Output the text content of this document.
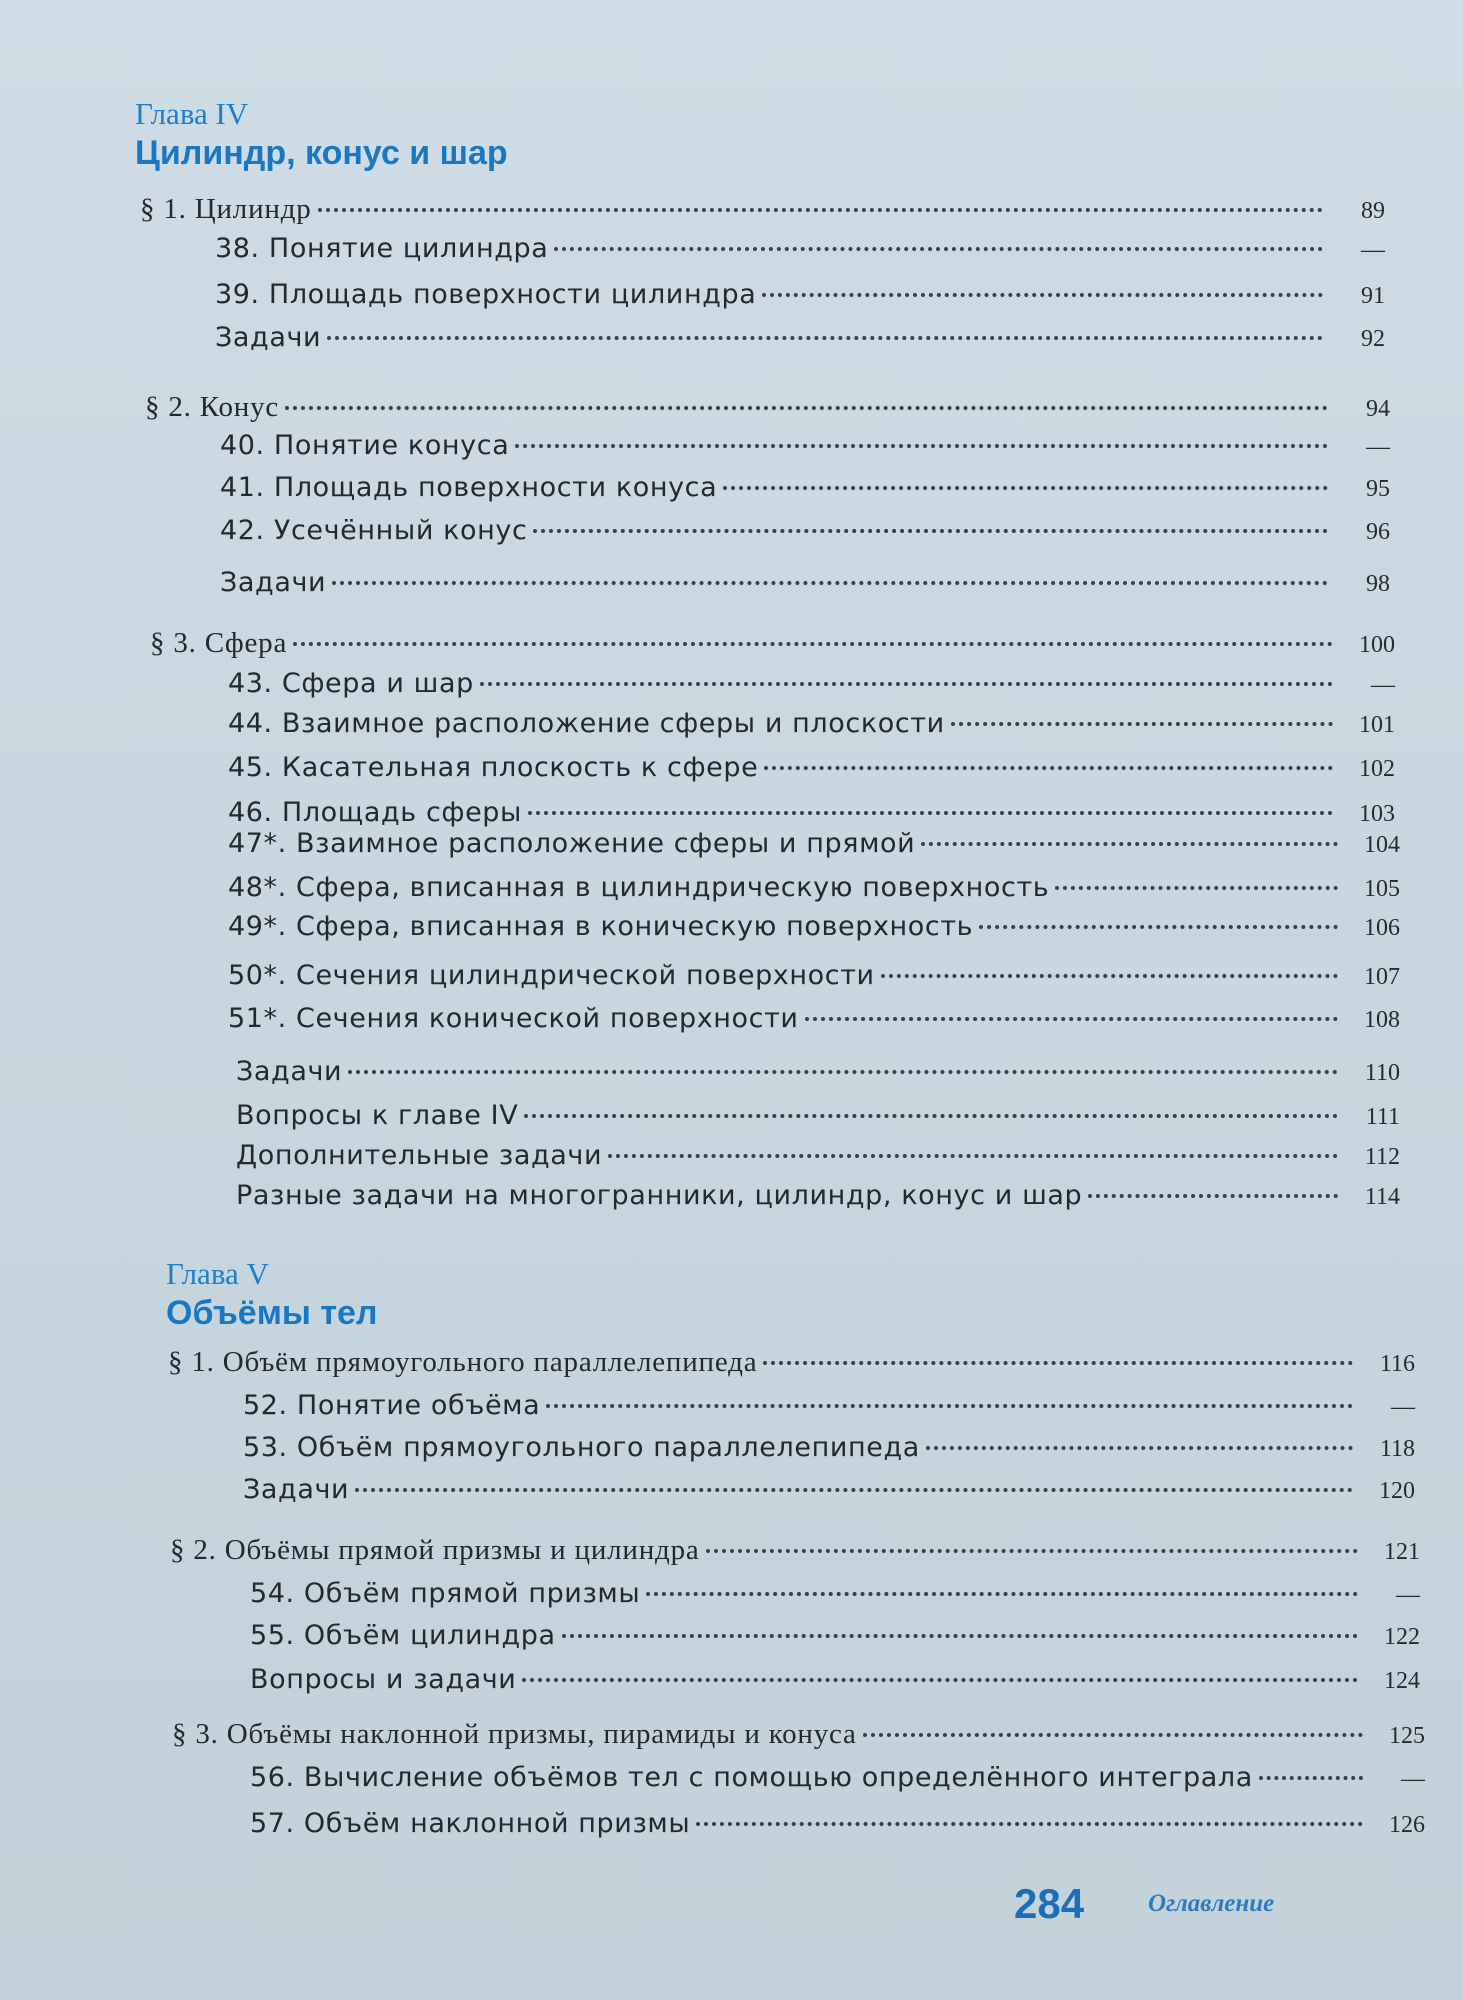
Глава IV
Цилиндр, конус и шар
§ 1. Цилиндр	89
38. Понятие цилиндра	—
39. Площадь поверхности цилиндра	91
Задачи	92
§ 2. Конус	94
40. Понятие конуса	—
41. Площадь поверхности конуса	95
42. Усечённый конус	96
Задачи	98
§ 3. Сфера	100
43. Сфера и шар	—
44. Взаимное расположение сферы и плоскости	101
45. Касательная плоскость к сфере	102
46. Площадь сферы	103
47*. Взаимное расположение сферы и прямой	104
48*. Сфера, вписанная в цилиндрическую поверхность	105
49*. Сфера, вписанная в коническую поверхность	106
50*. Сечения цилиндрической поверхности	107
51*. Сечения конической поверхности	108
Задачи	110
Вопросы к главе IV	111
Дополнительные задачи	112
Разные задачи на многогранники, цилиндр, конус и шар	114
Глава V
Объёмы тел
§ 1. Объём прямоугольного параллелепипеда	116
52. Понятие объёма	—
53. Объём прямоугольного параллелепипеда	118
Задачи	120
§ 2. Объёмы прямой призмы и цилиндра	121
54. Объём прямой призмы	—
55. Объём цилиндра	122
Вопросы и задачи	124
§ 3. Объёмы наклонной призмы, пирамиды и конуса	125
56. Вычисление объёмов тел с помощью определённого интеграла	—
57. Объём наклонной призмы	126
284	Оглавление
